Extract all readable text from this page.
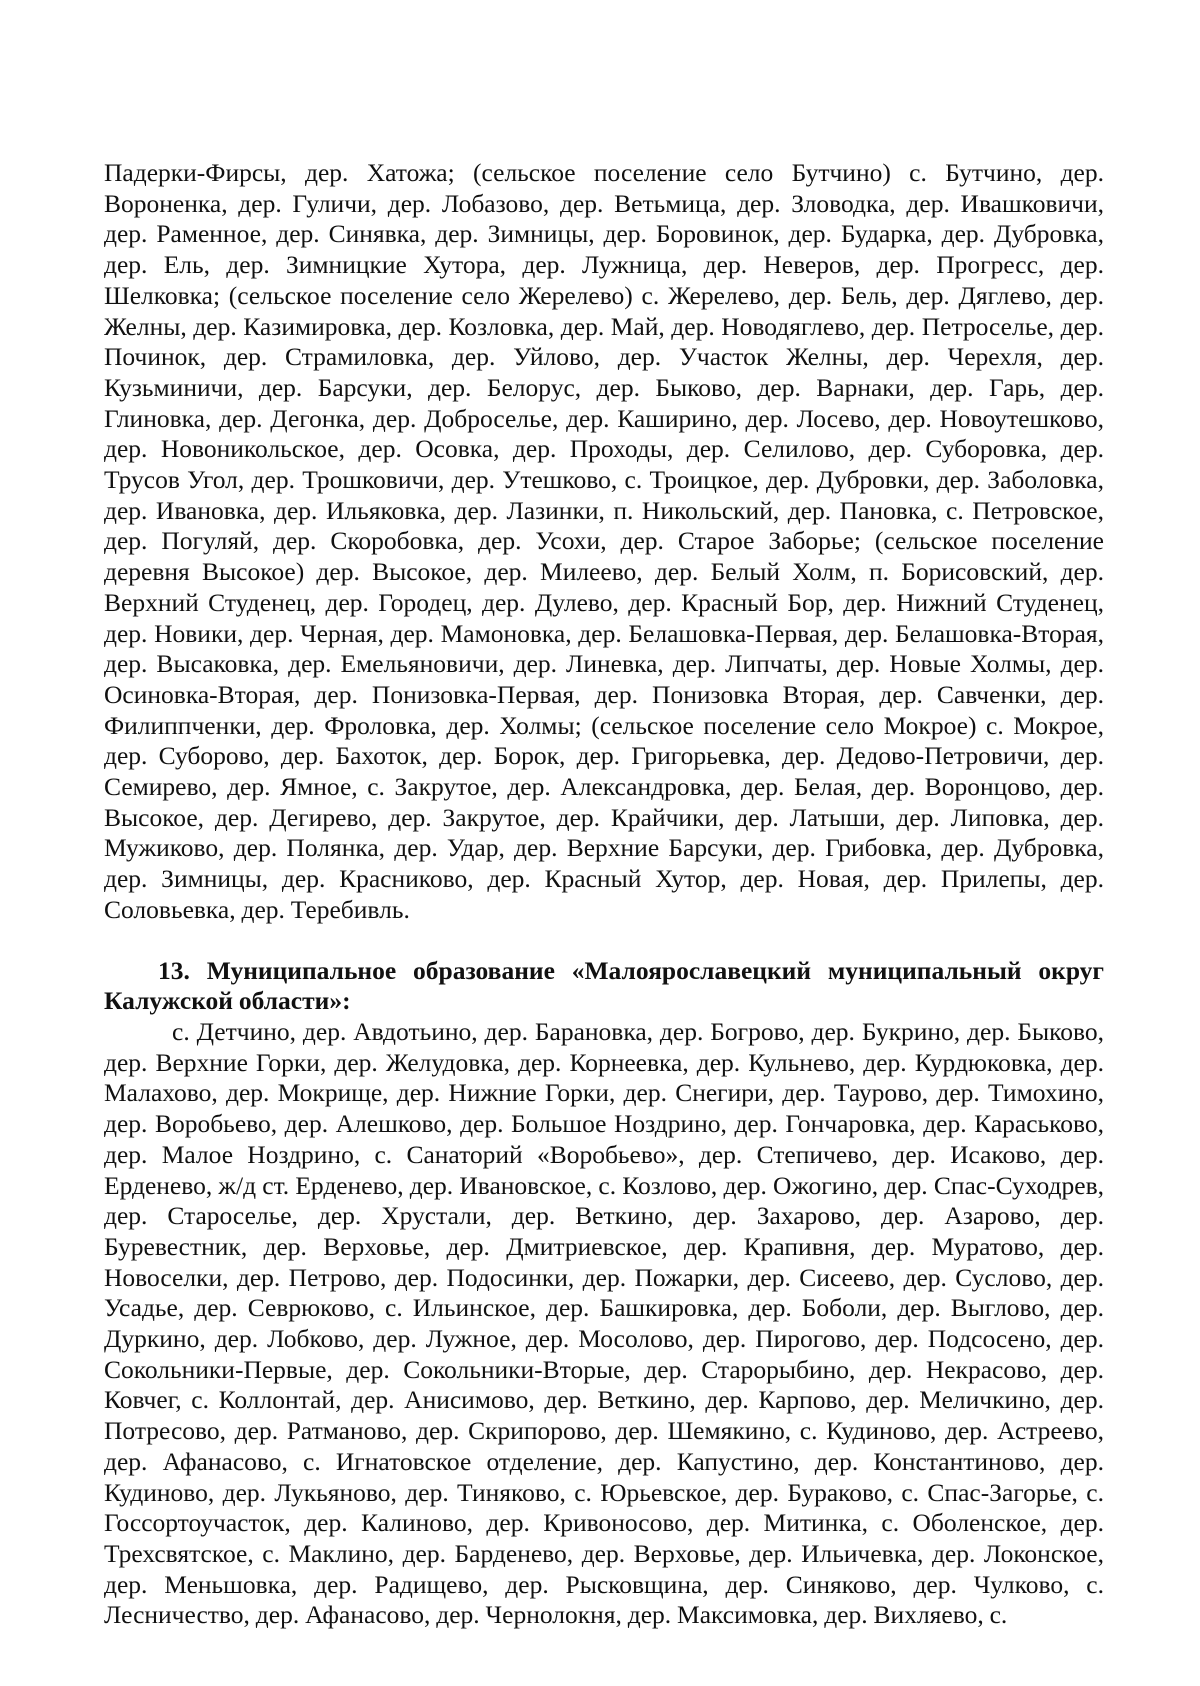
Падерки-Фирсы, дер. Хатожа; (сельское поселение село Бутчино) с. Бутчино, дер. Вороненка, дер. Гуличи, дер. Лобазово, дер. Ветьмица, дер. Зловодка, дер. Ивашковичи, дер. Раменное, дер. Синявка, дер. Зимницы, дер. Боровинок, дер. Бударка, дер. Дубровка, дер. Ель, дер. Зимницкие Хутора, дер. Лужница, дер. Неверов, дер. Прогресс, дер. Шелковка; (сельское поселение село Жерелево) с. Жерелево, дер. Бель, дер. Дяглево, дер. Желны, дер. Казимировка, дер. Козловка, дер. Май, дер. Новодяглево, дер. Петроселье, дер. Починок, дер. Страмиловка, дер. Уйлово, дер. Участок Желны, дер. Черехля, дер. Кузьминичи, дер. Барсуки, дер. Белорус, дер. Быково, дер. Варнаки, дер. Гарь, дер. Глиновка, дер. Дегонка, дер. Доброселье, дер. Каширино, дер. Лосево, дер. Новоутешково, дер. Новоникольское, дер. Осовка, дер. Проходы, дер. Селилово, дер. Суборовка, дер. Трусов Угол, дер. Трошковичи, дер. Утешково, с. Троицкое, дер. Дубровки, дер. Заболовка, дер. Ивановка, дер. Ильяковка, дер. Лазинки, п. Никольский, дер. Пановка, с. Петровское, дер. Погуляй, дер. Скоробовка, дер. Усохи, дер. Старое Заборье; (сельское поселение деревня Высокое) дер. Высокое, дер. Милеево, дер. Белый Холм, п. Борисовский, дер. Верхний Студенец, дер. Городец, дер. Дулево, дер. Красный Бор, дер. Нижний Студенец, дер. Новики, дер. Черная, дер. Мамоновка, дер. Белашовка-Первая, дер. Белашовка-Вторая, дер. Высаковка, дер. Емельяновичи, дер. Линевка, дер. Липчаты, дер. Новые Холмы, дер. Осиновка-Вторая, дер. Понизовка-Первая, дер. Понизовка Вторая, дер. Савченки, дер. Филиппченки, дер. Фроловка, дер. Холмы; (сельское поселение село Мокрое) с. Мокрое, дер. Суборово, дер. Бахоток, дер. Борок, дер. Григорьевка, дер. Дедово-Петровичи, дер. Семирево, дер. Ямное, с. Закрутое, дер. Александровка, дер. Белая, дер. Воронцово, дер. Высокое, дер. Дегирево, дер. Закрутое, дер. Крайчики, дер. Латыши, дер. Липовка, дер. Мужиково, дер. Полянка, дер. Удар, дер. Верхние Барсуки, дер. Грибовка, дер. Дубровка, дер. Зимницы, дер. Красниково, дер. Красный Хутор, дер. Новая, дер. Прилепы, дер. Соловьевка, дер. Теребивль.

13. Муниципальное образование «Малоярославецкий муниципальный округ Калужской области»:

с. Детчино, дер. Авдотьино, дер. Барановка, дер. Богрово, дер. Букрино, дер. Быково, дер. Верхние Горки, дер. Желудовка, дер. Корнеевка, дер. Кульнево, дер. Курдюковка, дер. Малахово, дер. Мокрище, дер. Нижние Горки, дер. Снегири, дер. Таурово, дер. Тимохино, дер. Воробьево, дер. Алешково, дер. Большое Ноздрино, дер. Гончаровка, дер. Караськово, дер. Малое Ноздрино, с. Санаторий «Воробьево», дер. Степичево, дер. Исаково, дер. Ерденево, ж/д ст. Ерденево, дер. Ивановское, с. Козлово, дер. Ожогино, дер. Спас-Суходрев, дер. Староселье, дер. Хрустали, дер. Веткино, дер. Захарово, дер. Азарово, дер. Буревестник, дер. Верховье, дер. Дмитриевское, дер. Крапивня, дер. Муратово, дер. Новоселки, дер. Петрово, дер. Подосинки, дер. Пожарки, дер. Сисеево, дер. Суслово, дер. Усадье, дер. Севрюково, с. Ильинское, дер. Башкировка, дер. Боболи, дер. Выглово, дер. Дуркино, дер. Лобково, дер. Лужное, дер. Мосолово, дер. Пирогово, дер. Подсосено, дер. Сокольники-Первые, дер. Сокольники-Вторые, дер. Старорыбино, дер. Некрасово, дер. Ковчег, с. Коллонтай, дер. Анисимово, дер. Веткино, дер. Карпово, дер. Меличкино, дер. Потресово, дер. Ратманово, дер. Скрипорово, дер. Шемякино, с. Кудиново, дер. Астреево, дер. Афанасово, с. Игнатовское отделение, дер. Капустино, дер. Константиново, дер. Кудиново, дер. Лукьяново, дер. Тиняково, с. Юрьевское, дер. Бураково, с. Спас-Загорье, с. Госсортоучасток, дер. Калиново, дер. Кривоносово, дер. Митинка, с. Оболенское, дер. Трехсвятское, с. Маклино, дер. Барденево, дер. Верховье, дер. Ильичевка, дер. Локонское, дер. Меньшовка, дер. Радищево, дер. Рысковщина, дер. Синяково, дер. Чулково, с. Лесничество, дер. Афанасово, дер. Чернолокня, дер. Максимовка, дер. Вихляево, с.
